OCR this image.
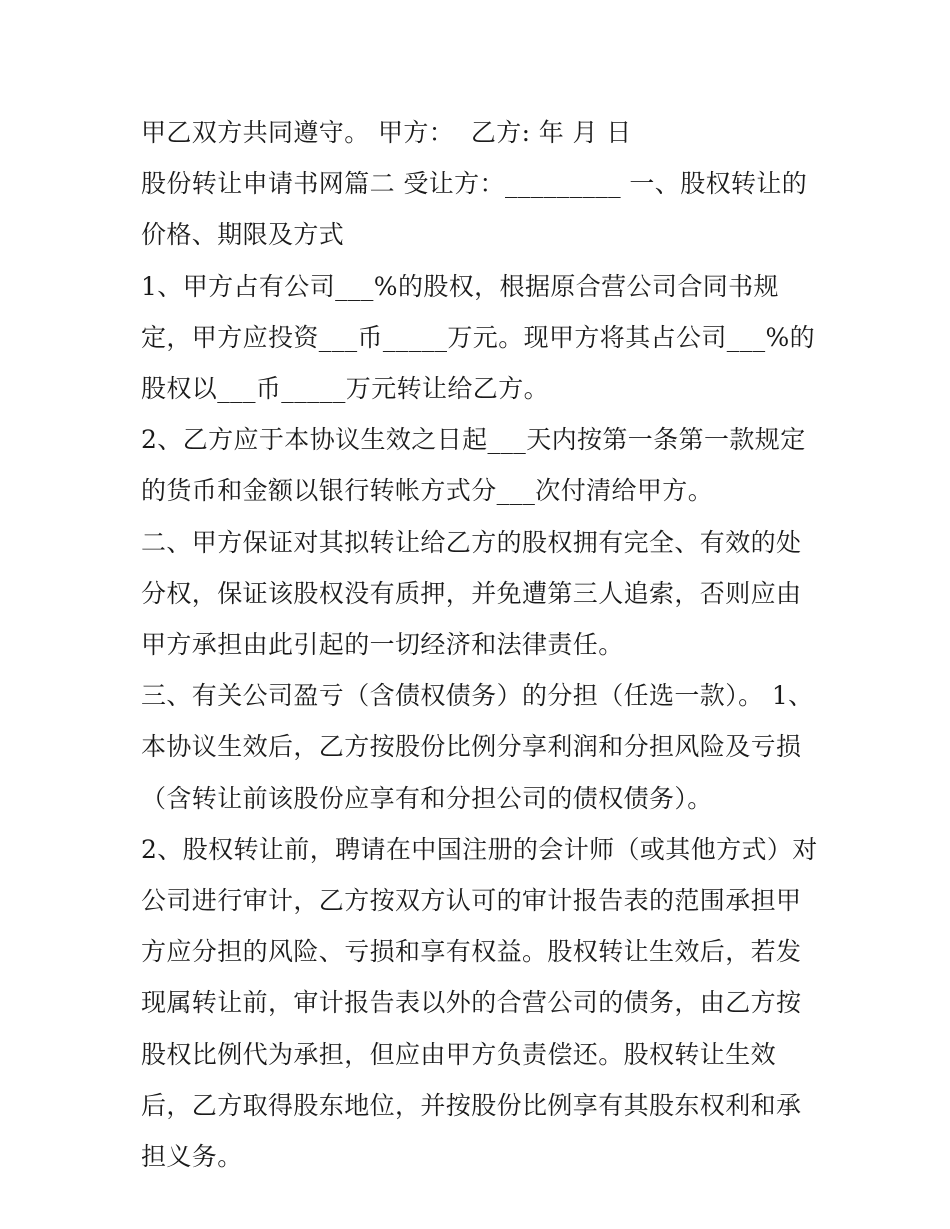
甲乙双方共同遵守。 甲方：  乙方: 年 月 日

股份转让申请书网篇二 受让方：_________ 一、股权转让的价格、期限及方式

1、甲方占有公司___%的股权，根据原合营公司合同书规定，甲方应投资___币_____万元。现甲方将其占公司___%的股权以___币_____万元转让给乙方。

2、乙方应于本协议生效之日起___天内按第一条第一款规定的货币和金额以银行转帐方式分___次付清给甲方。

二、甲方保证对其拟转让给乙方的股权拥有完全、有效的处分权，保证该股权没有质押，并免遭第三人追索，否则应由甲方承担由此引起的一切经济和法律责任。

三、有关公司盈亏（含债权债务）的分担（任选一款）。 1、本协议生效后，乙方按股份比例分享利润和分担风险及亏损（含转让前该股份应享有和分担公司的债权债务）。

2、股权转让前，聘请在中国注册的会计师（或其他方式）对公司进行审计，乙方按双方认可的审计报告表的范围承担甲方应分担的风险、亏损和享有权益。股权转让生效后，若发现属转让前，审计报告表以外的合营公司的债务，由乙方按股权比例代为承担，但应由甲方负责偿还。股权转让生效后，乙方取得股东地位，并按股份比例享有其股东权利和承担义务。
